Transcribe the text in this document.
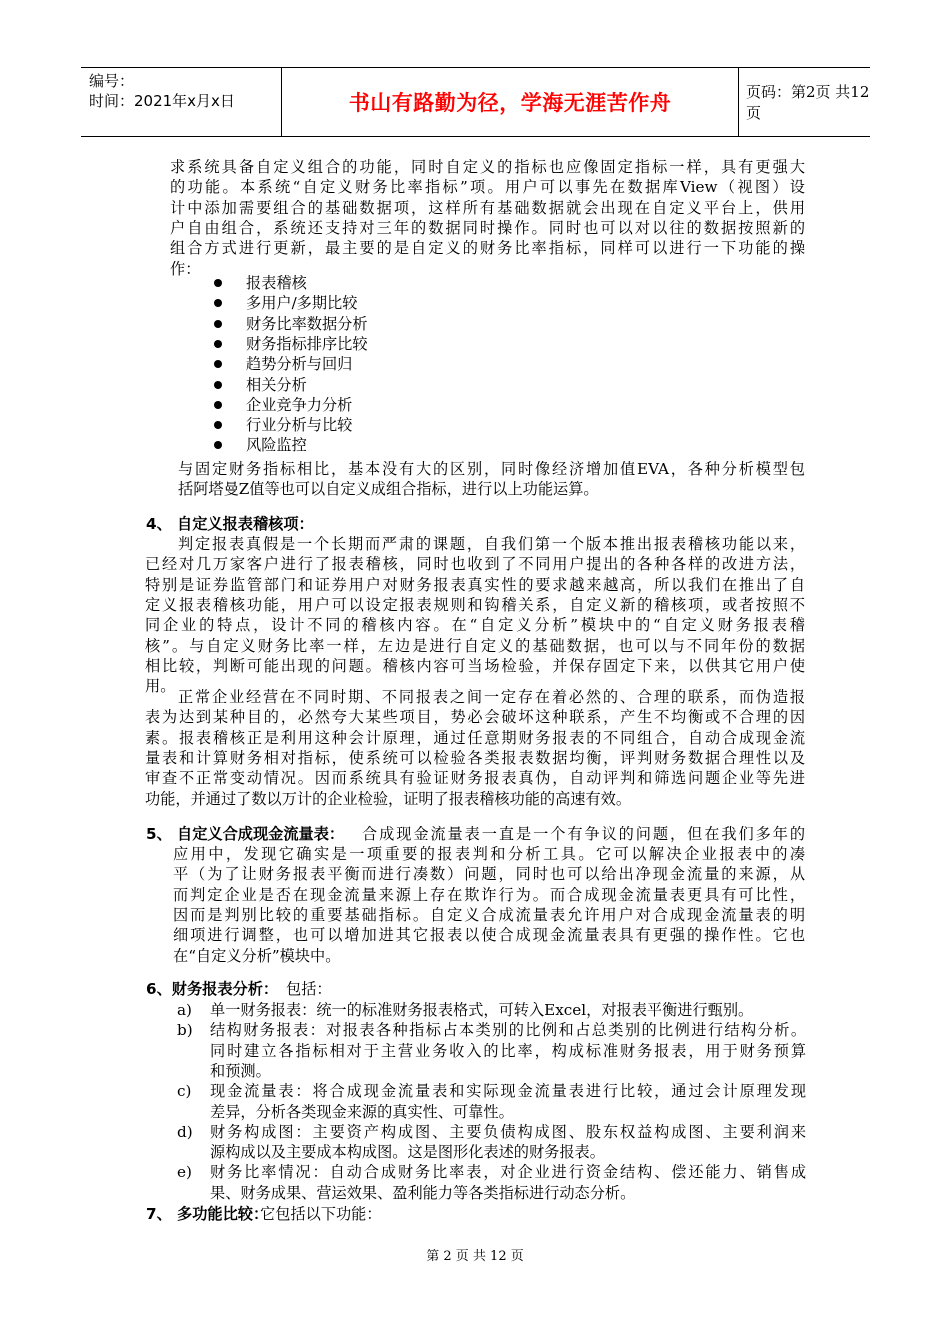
编号：
时间：2021年x月x日	书山有路勤为径，学海无涯苦作舟	页码：第2页 共12页
求系统具备自定义组合的功能，同时自定义的指标也应像固定指标一样，具有更强大
的功能。本系统“自定义财务比率指标”项。用户可以事先在数据库View（视图）设
计中添加需要组合的基础数据项，这样所有基础数据就会出现在自定义平台上，供用
户自由组合，系统还支持对三年的数据同时操作。同时也可以对以往的数据按照新的
组合方式进行更新，最主要的是自定义的财务比率指标，同样可以进行一下功能的操
作：
报表稽核
多用户/多期比较
财务比率数据分析
财务指标排序比较
趋势分析与回归
相关分析
企业竞争力分析
行业分析与比较
风险监控
与固定财务指标相比，基本没有大的区别，同时像经济增加值EVA，各种分析模型包
括阿塔曼Z值等也可以自定义成组合指标，进行以上功能运算。
4、 自定义报表稽核项：
判定报表真假是一个长期而严肃的课题，自我们第一个版本推出报表稽核功能以来，
已经对几万家客户进行了报表稽核，同时也收到了不同用户提出的各种各样的改进方法，
特别是证券监管部门和证券用户对财务报表真实性的要求越来越高，所以我们在推出了自
定义报表稽核功能，用户可以设定报表规则和钩稽关系，自定义新的稽核项，或者按照不
同企业的特点，设计不同的稽核内容。在“自定义分析”模块中的“自定义财务报表稽
核”。与自定义财务比率一样，左边是进行自定义的基础数据，也可以与不同年份的数据
相比较，判断可能出现的问题。稽核内容可当场检验，并保存固定下来，以供其它用户使
用。
正常企业经营在不同时期、不同报表之间一定存在着必然的、合理的联系，而伪造报
表为达到某种目的，必然夸大某些项目，势必会破坏这种联系，产生不均衡或不合理的因
素。报表稽核正是利用这种会计原理，通过任意期财务报表的不同组合，自动合成现金流
量表和计算财务相对指标，使系统可以检验各类报表数据均衡，评判财务数据合理性以及
审查不正常变动情况。因而系统具有验证财务报表真伪，自动评判和筛选问题企业等先进
功能，并通过了数以万计的企业检验，证明了报表稽核功能的高速有效。
5、 自定义合成现金流量表： 合成现金流量表一直是一个有争议的问题，但在我们多年的
应用中，发现它确实是一项重要的报表判和分析工具。它可以解决企业报表中的凑
平（为了让财务报表平衡而进行凑数）问题，同时也可以给出净现金流量的来源，从
而判定企业是否在现金流量来源上存在欺诈行为。而合成现金流量表更具有可比性，
因而是判别比较的重要基础指标。自定义合成流量表允许用户对合成现金流量表的明
细项进行调整，也可以增加进其它报表以使合成现金流量表具有更强的操作性。它也
在“自定义分析”模块中。
6、财务报表分析： 包括：
a) 单一财务报表：统一的标准财务报表格式，可转入Excel，对报表平衡进行甄别。
b) 结构财务报表：对报表各种指标占本类别的比例和占总类别的比例进行结构分析。
同时建立各指标相对于主营业务收入的比率，构成标准财务报表，用于财务预算
和预测。
c) 现金流量表：将合成现金流量表和实际现金流量表进行比较，通过会计原理发现
差异，分析各类现金来源的真实性、可靠性。
d) 财务构成图：主要资产构成图、主要负债构成图、股东权益构成图、主要利润来
源构成以及主要成本构成图。这是图形化表述的财务报表。
e) 财务比率情况：自动合成财务比率表，对企业进行资金结构、偿还能力、销售成
果、财务成果、营运效果、盈利能力等各类指标进行动态分析。
7、 多功能比较：
它包括以下功能：
第 2 页 共 12 页
